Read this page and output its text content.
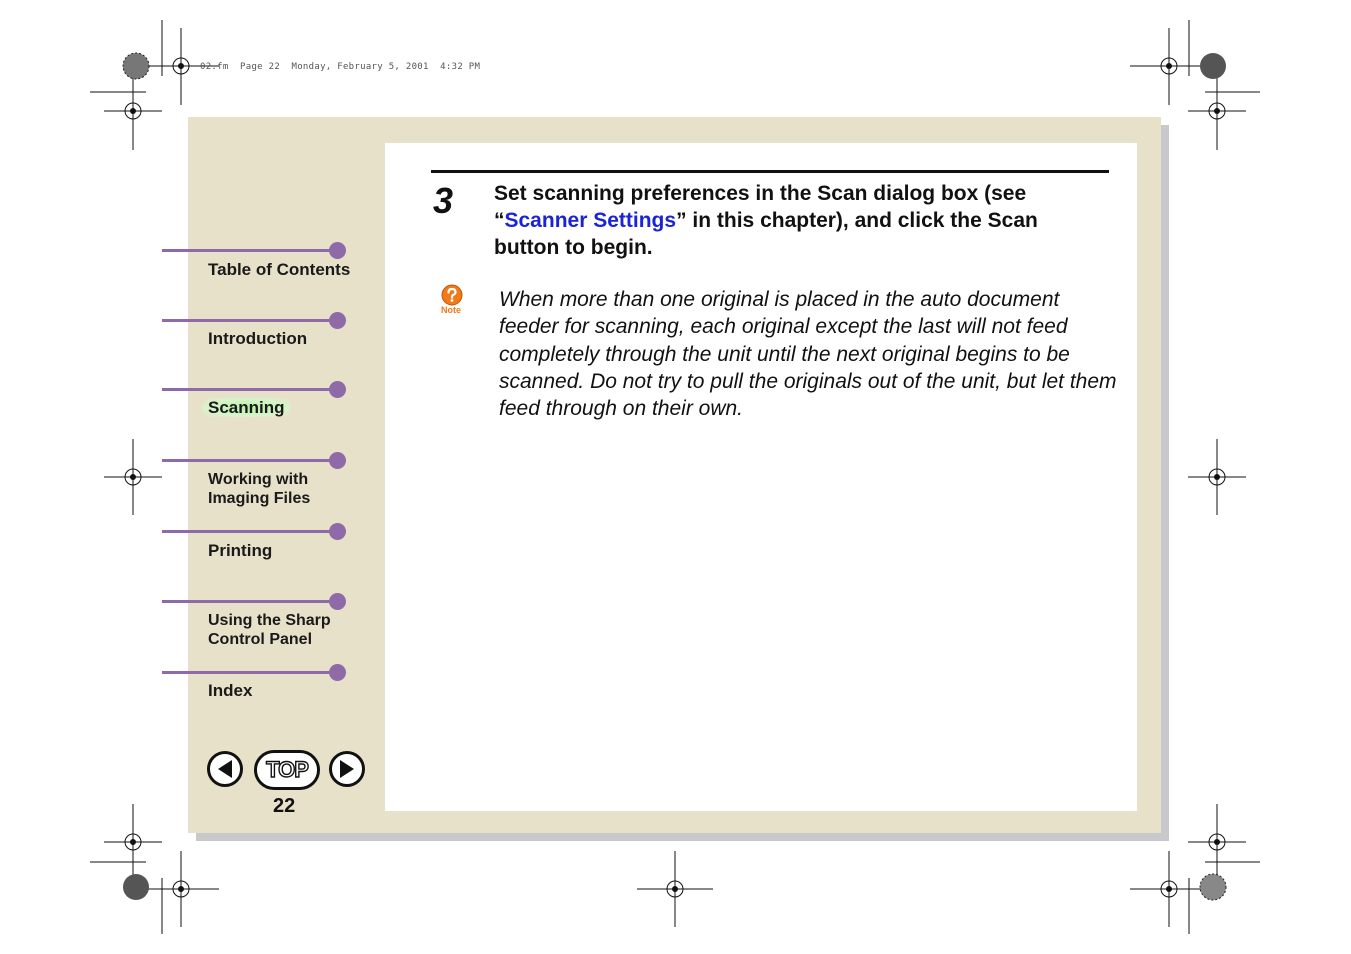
02.fm  Page 22  Monday, February 5, 2001  4:32 PM
Table of Contents
Introduction
Scanning
Working with
Imaging Files
Printing
Using the Sharp
Control Panel
Index
TOP
22
3 Set scanning preferences in the Scan dialog box (see “Scanner Settings” in this chapter), and click the Scan button to begin.
Note When more than one original is placed in the auto document feeder for scanning, each original except the last will not feed completely through the unit until the next original begins to be scanned. Do not try to pull the originals out of the unit, but let them feed through on their own.
